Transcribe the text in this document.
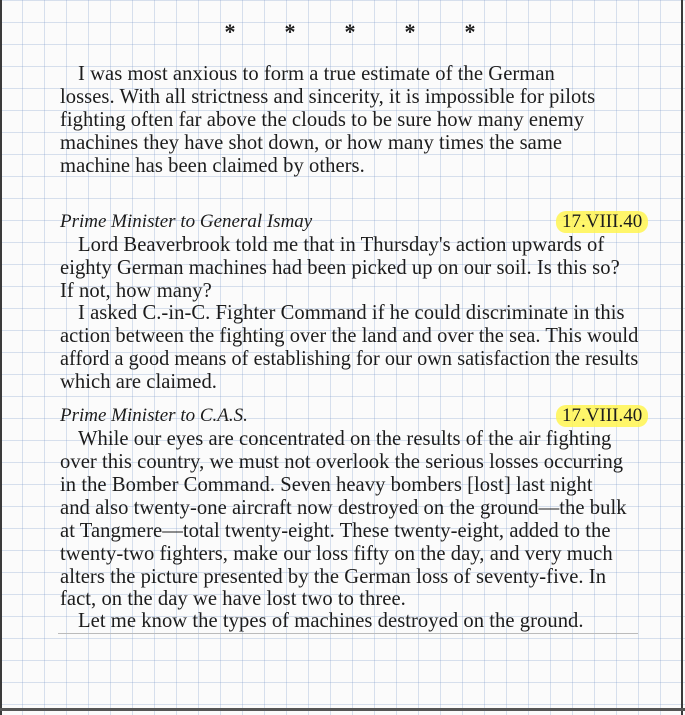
* * * * *
I was most anxious to form a true estimate of the German
losses. With all strictness and sincerity, it is impossible for pilots
fighting often far above the clouds to be sure how many enemy
machines they have shot down, or how many times the same
machine has been claimed by others.
Prime Minister to General Ismay	17.VIII.40
Lord Beaverbrook told me that in Thursday's action upwards of
eighty German machines had been picked up on our soil. Is this so?
If not, how many?
I asked C.-in-C. Fighter Command if he could discriminate in this
action between the fighting over the land and over the sea. This would
afford a good means of establishing for our own satisfaction the results
which are claimed.
Prime Minister to C.A.S.	17.VIII.40
While our eyes are concentrated on the results of the air fighting
over this country, we must not overlook the serious losses occurring
in the Bomber Command. Seven heavy bombers [lost] last night
and also twenty-one aircraft now destroyed on the ground—the bulk
at Tangmere—total twenty-eight. These twenty-eight, added to the
twenty-two fighters, make our loss fifty on the day, and very much
alters the picture presented by the German loss of seventy-five. In
fact, on the day we have lost two to three.
Let me know the types of machines destroyed on the ground.
